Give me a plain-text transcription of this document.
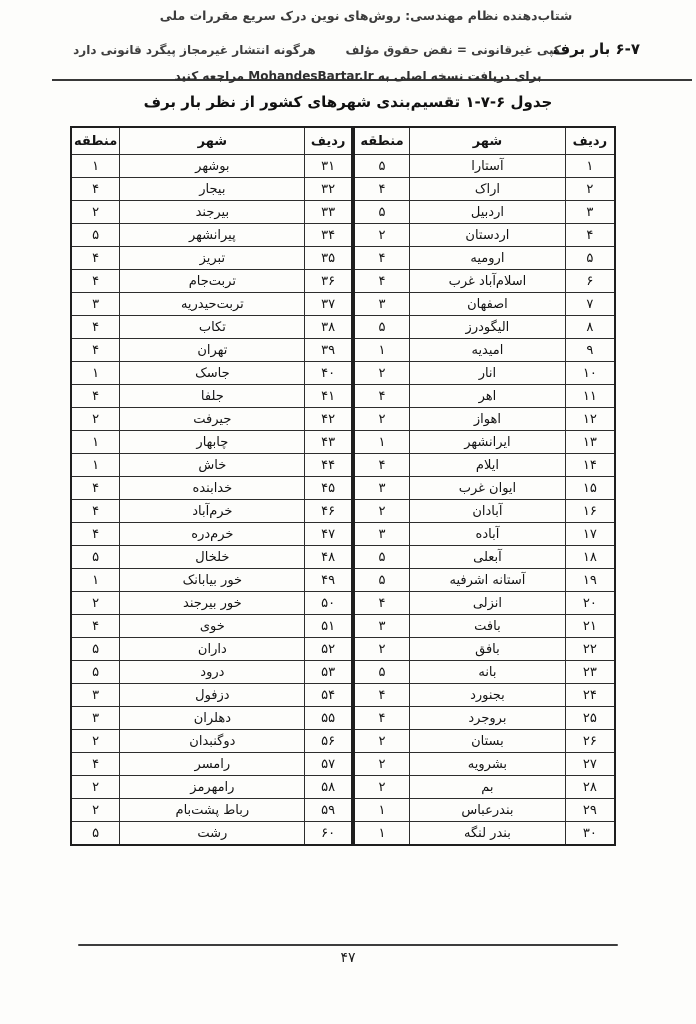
شتاب‌دهنده نظام مهندسی: روش‌های نوین درک سریع مقررات ملی
۶-۷ بار برف کپی غیرقانونی = نقض حقوق مؤلف هرگونه انتشار غیرمجاز پیگرد قانونی دارد
برای دریافت نسخه اصلی به MohandesBartar.Ir مراجعه کنید
جدول ۶-۷-۱ تقسیم‌بندی شهرهای کشور از نظر بار برف
ردیف	شهر	منطقه
۱	آستارا	۵
۲	اراک	۴
۳	اردبیل	۵
۴	اردستان	۲
۵	ارومیه	۴
۶	اسلام‌آباد غرب	۴
۷	اصفهان	۳
۸	الیگودرز	۵
۹	امیدیه	۱
۱۰	انار	۲
۱۱	اهر	۴
۱۲	اهواز	۲
۱۳	ایرانشهر	۱
۱۴	ایلام	۴
۱۵	ایوان غرب	۳
۱۶	آبادان	۲
۱۷	آباده	۳
۱۸	آبعلی	۵
۱۹	آستانه اشرفیه	۵
۲۰	انزلی	۴
۲۱	بافت	۳
۲۲	بافق	۲
۲۳	بانه	۵
۲۴	بجنورد	۴
۲۵	بروجرد	۴
۲۶	بستان	۲
۲۷	بشرویه	۲
۲۸	بم	۲
۲۹	بندرعباس	۱
۳۰	بندر لنگه	۱
ردیف	شهر	منطقه
۳۱	بوشهر	۱
۳۲	بیجار	۴
۳۳	بیرجند	۲
۳۴	پیرانشهر	۵
۳۵	تبریز	۴
۳۶	تربت‌جام	۴
۳۷	تربت‌حیدریه	۳
۳۸	تکاب	۴
۳۹	تهران	۴
۴۰	جاسک	۱
۴۱	جلفا	۴
۴۲	جیرفت	۲
۴۳	چابهار	۱
۴۴	خاش	۱
۴۵	خدابنده	۴
۴۶	خرم‌آباد	۴
۴۷	خرم‌دره	۴
۴۸	خلخال	۵
۴۹	خور بیابانک	۱
۵۰	خور بیرجند	۲
۵۱	خوی	۴
۵۲	داران	۵
۵۳	درود	۵
۵۴	دزفول	۳
۵۵	دهلران	۳
۵۶	دوگنبدان	۲
۵۷	رامسر	۴
۵۸	رامهرمز	۲
۵۹	رباط پشت‌بام	۲
۶۰	رشت	۵
۴۷
